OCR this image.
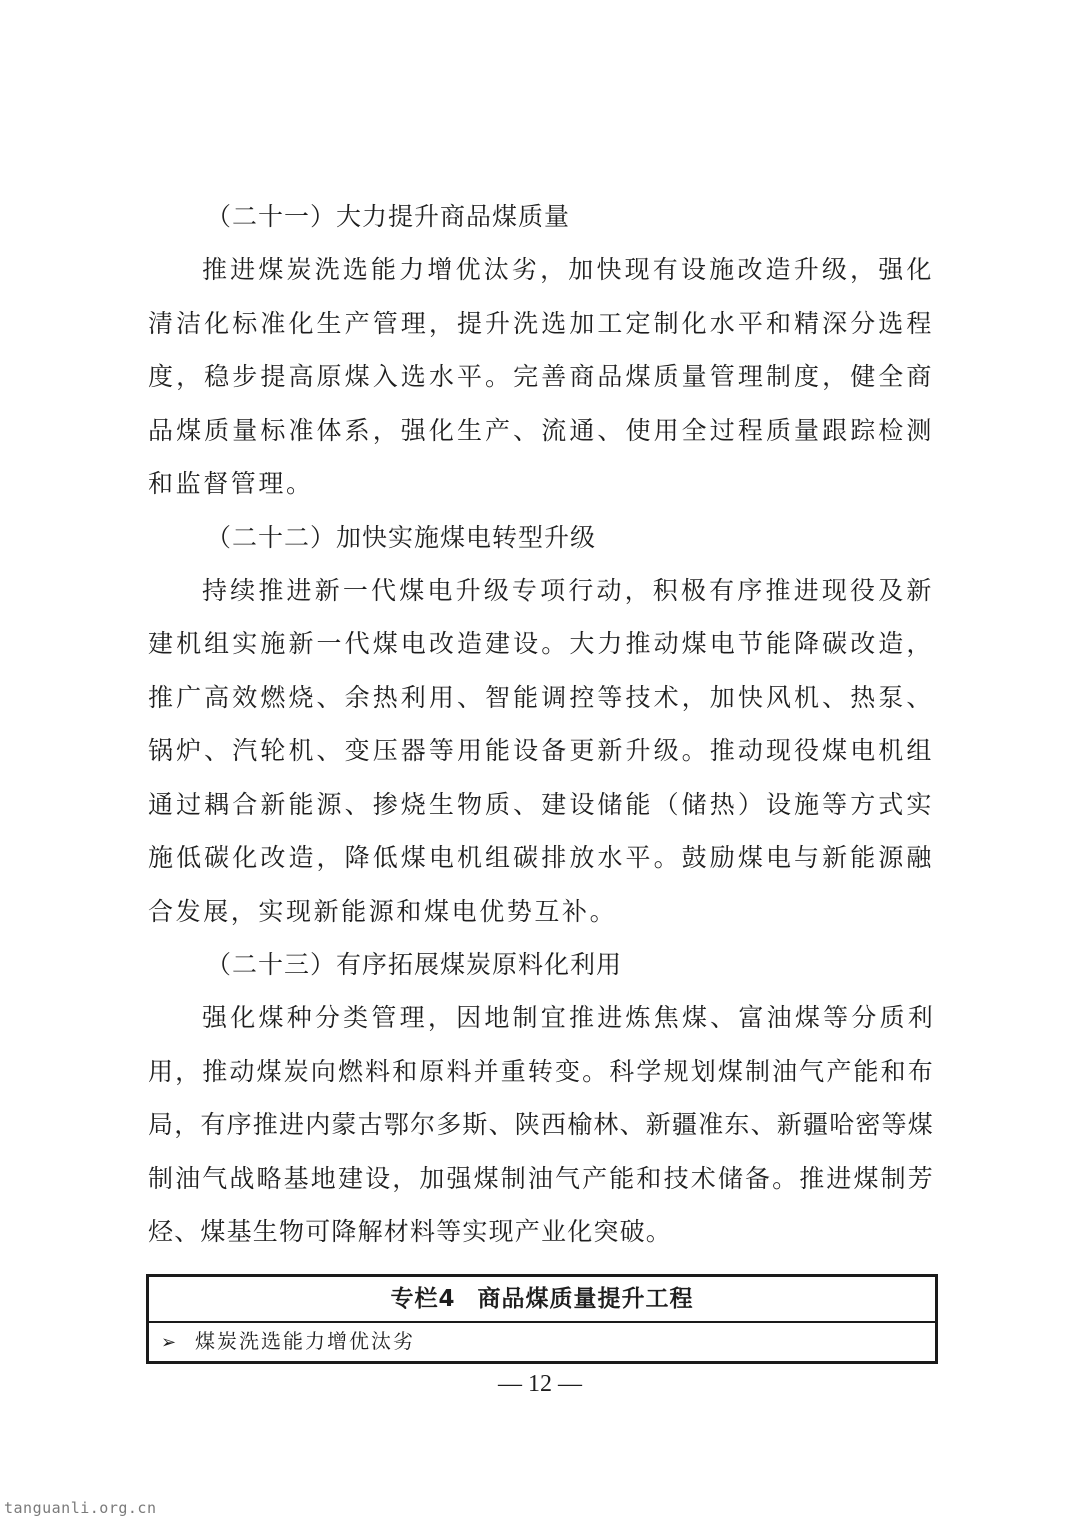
（二十一）大力提升商品煤质量

推进煤炭洗选能力增优汰劣，加快现有设施改造升级，强化清洁化标准化生产管理，提升洗选加工定制化水平和精深分选程度，稳步提高原煤入选水平。完善商品煤质量管理制度，健全商品煤质量标准体系，强化生产、流通、使用全过程质量跟踪检测和监督管理。

（二十二）加快实施煤电转型升级

持续推进新一代煤电升级专项行动，积极有序推进现役及新建机组实施新一代煤电改造建设。大力推动煤电节能降碳改造，推广高效燃烧、余热利用、智能调控等技术，加快风机、热泵、锅炉、汽轮机、变压器等用能设备更新升级。推动现役煤电机组通过耦合新能源、掺烧生物质、建设储能（储热）设施等方式实施低碳化改造，降低煤电机组碳排放水平。鼓励煤电与新能源融合发展，实现新能源和煤电优势互补。

（二十三）有序拓展煤炭原料化利用

强化煤种分类管理，因地制宜推进炼焦煤、富油煤等分质利用，推动煤炭向燃料和原料并重转变。科学规划煤制油气产能和布局，有序推进内蒙古鄂尔多斯、陕西榆林、新疆准东、新疆哈密等煤制油气战略基地建设，加强煤制油气产能和技术储备。推进煤制芳烃、煤基生物可降解材料等实现产业化突破。

专栏4 商品煤质量提升工程
➢ 煤炭洗选能力增优汰劣
— 12 —
tanguanli.org.cn
